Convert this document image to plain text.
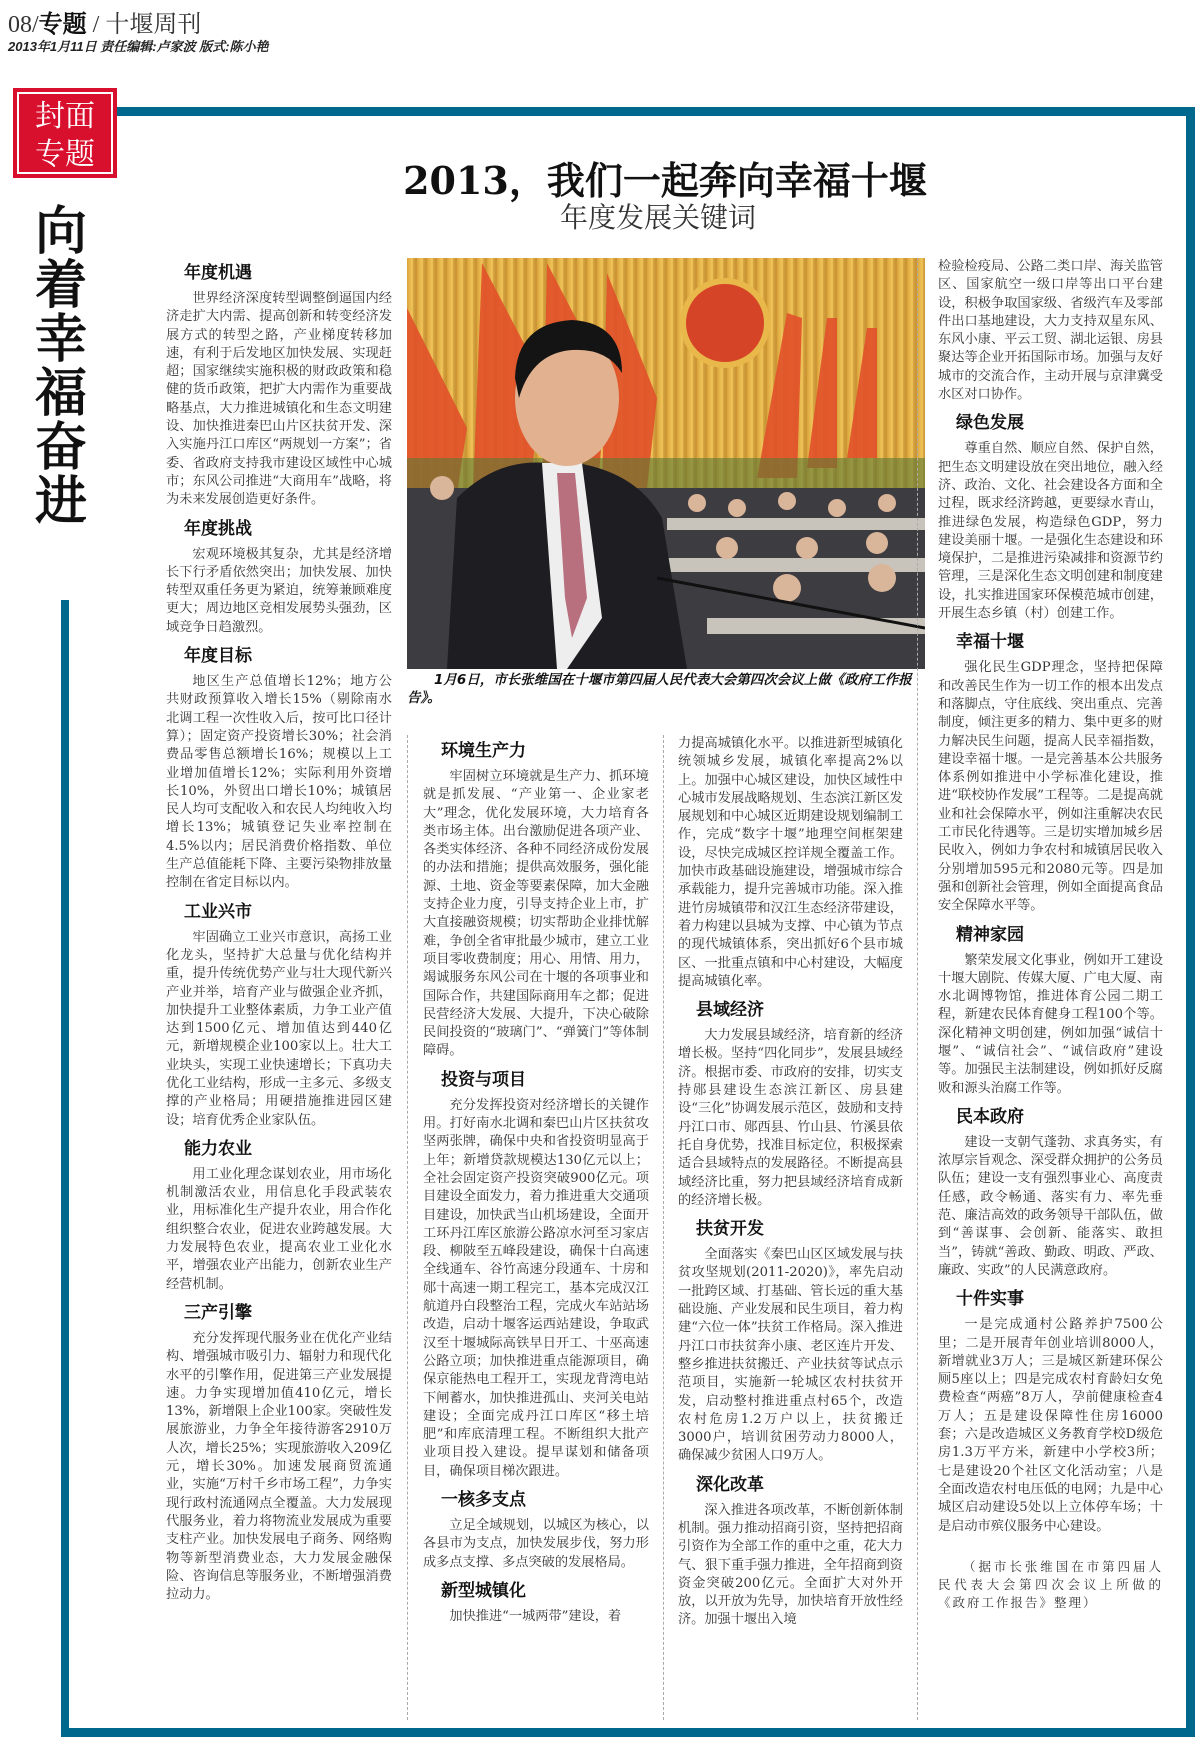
08/专题 / 十堰周刊
2013年1月11日 责任编辑:卢家波 版式:陈小艳
封面
专题
向着幸福奋进
2013，我们一起奔向幸福十堰
年度发展关键词
1月6日，市长张维国在十堰市第四届人民代表大会第四次会议上做《政府工作报告》。
年度机遇

世界经济深度转型调整倒逼国内经济走扩大内需、提高创新和转变经济发展方式的转型之路，产业梯度转移加速，有利于后发地区加快发展、实现赶超；国家继续实施积极的财政政策和稳健的货币政策，把扩大内需作为重要战略基点，大力推进城镇化和生态文明建设、加快推进秦巴山片区扶贫开发、深入实施丹江口库区“两规划一方案”；省委、省政府支持我市建设区域性中心城市；东风公司推进“大商用车”战略，将为未来发展创造更好条件。

年度挑战

宏观环境极其复杂，尤其是经济增长下行矛盾依然突出；加快发展、加快转型双重任务更为紧迫，统筹兼顾难度更大；周边地区竞相发展势头强劲，区域竞争日趋激烈。

年度目标

地区生产总值增长12%；地方公共财政预算收入增长15%（剔除南水北调工程一次性收入后，按可比口径计算）；固定资产投资增长30%；社会消费品零售总额增长16%；规模以上工业增加值增长12%；实际利用外资增长10%，外贸出口增长10%；城镇居民人均可支配收入和农民人均纯收入均增长13%；城镇登记失业率控制在4.5%以内；居民消费价格指数、单位生产总值能耗下降、主要污染物排放量控制在省定目标以内。

工业兴市

牢固确立工业兴市意识，高扬工业化龙头，坚持扩大总量与优化结构并重，提升传统优势产业与壮大现代新兴产业并举，培育产业与做强企业齐抓，加快提升工业整体素质，力争工业产值达到1500亿元、增加值达到440亿元，新增规模企业100家以上。壮大工业块头，实现工业快速增长；下真功夫优化工业结构，形成一主多元、多级支撑的产业格局；用硬措施推进园区建设；培育优秀企业家队伍。

能力农业

用工业化理念谋划农业，用市场化机制激活农业，用信息化手段武装农业，用标准化生产提升农业，用合作化组织整合农业，促进农业跨越发展。大力发展特色农业，提高农业工业化水平，增强农业产出能力，创新农业生产经营机制。

三产引擎

充分发挥现代服务业在优化产业结构、增强城市吸引力、辐射力和现代化水平的引擎作用，促进第三产业发展提速。力争实现增加值410亿元，增长13%，新增限上企业100家。突破性发展旅游业，力争全年接待游客2910万人次，增长25%；实现旅游收入209亿元，增长30%。加速发展商贸流通业，实施“万村千乡市场工程”，力争实现行政村流通网点全覆盖。大力发展现代服务业，着力将物流业发展成为重要支柱产业。加快发展电子商务、网络购物等新型消费业态，大力发展金融保险、咨询信息等服务业，不断增强消费拉动力。

环境生产力

牢固树立环境就是生产力、抓环境就是抓发展、“产业第一、企业家老大”理念，优化发展环境，大力培育各类市场主体。出台激励促进各项产业、各类实体经济、各种不同经济成份发展的办法和措施；提供高效服务，强化能源、土地、资金等要素保障，加大金融支持企业力度，引导支持企业上市，扩大直接融资规模；切实帮助企业排忧解难，争创全省审批最少城市，建立工业项目零收费制度；用心、用情、用力，竭诚服务东风公司在十堰的各项事业和国际合作，共建国际商用车之都；促进民营经济大发展、大提升，下决心破除民间投资的“玻璃门”、“弹簧门”等体制障碍。

投资与项目

充分发挥投资对经济增长的关键作用。打好南水北调和秦巴山片区扶贫攻坚两张牌，确保中央和省投资明显高于上年；新增贷款规模达130亿元以上；全社会固定资产投资突破900亿元。项目建设全面发力，着力推进重大交通项目建设，加快武当山机场建设，全面开工环丹江库区旅游公路凉水河至习家店段、柳陂至五峰段建设，确保十白高速全线通车、谷竹高速分段通车、十房和郧十高速一期工程完工，基本完成汉江航道丹白段整治工程，完成火车站站场改造，启动十堰客运西站建设，争取武汉至十堰城际高铁早日开工、十巫高速公路立项；加快推进重点能源项目，确保京能热电工程开工，实现龙背湾电站下闸蓄水，加快推进孤山、夹河关电站建设；全面完成丹江口库区“移土培肥”和库底清理工程。不断组织大批产业项目投入建设。提早谋划和储备项目，确保项目梯次跟进。

一核多支点

立足全域规划，以城区为核心，以各县市为支点，加快发展步伐，努力形成多点支撑、多点突破的发展格局。

新型城镇化

加快推进“一城两带”建设，着

力提高城镇化水平。以推进新型城镇化统领城乡发展，城镇化率提高2%以上。加强中心城区建设，加快区域性中心城市发展战略规划、生态滨江新区发展规划和中心城区近期建设规划编制工作，完成“数字十堰”地理空间框架建设，尽快完成城区控详规全覆盖工作。加快市政基础设施建设，增强城市综合承载能力，提升完善城市功能。深入推进竹房城镇带和汉江生态经济带建设，着力构建以县城为支撑、中心镇为节点的现代城镇体系，突出抓好6个县市城区、一批重点镇和中心村建设，大幅度提高城镇化率。

县域经济

大力发展县域经济，培育新的经济增长极。坚持“四化同步”，发展县域经济。根据市委、市政府的安排，切实支持郧县建设生态滨江新区、房县建设“三化”协调发展示范区，鼓励和支持丹江口市、郧西县、竹山县、竹溪县依托自身优势，找准目标定位，积极探索适合县域特点的发展路径。不断提高县域经济比重，努力把县域经济培育成新的经济增长极。

扶贫开发

全面落实《秦巴山区区域发展与扶贫攻坚规划(2011-2020)》，率先启动一批跨区域、打基础、管长远的重大基础设施、产业发展和民生项目，着力构建“六位一体”扶贫工作格局。深入推进丹江口市扶贫奔小康、老区连片开发、整乡推进扶贫搬迁、产业扶贫等试点示范项目，实施新一轮城区农村扶贫开发，启动整村推进重点村65个，改造农村危房1.2万户以上，扶贫搬迁3000户，培训贫困劳动力8000人，确保减少贫困人口9万人。

深化改革

深入推进各项改革，不断创新体制机制。强力推动招商引资，坚持把招商引资作为全部工作的重中之重，花大力气、狠下重手强力推进，全年招商到资资金突破200亿元。全面扩大对外开放，以开放为先导，加快培育开放性经济。加强十堰出入境

检验检疫局、公路二类口岸、海关监管区、国家航空一级口岸等出口平台建设，积极争取国家级、省级汽车及零部件出口基地建设，大力支持双星东风、东风小康、平云工贸、湖北运银、房县聚达等企业开拓国际市场。加强与友好城市的交流合作，主动开展与京津冀受水区对口协作。

绿色发展

尊重自然、顺应自然、保护自然，把生态文明建设放在突出地位，融入经济、政治、文化、社会建设各方面和全过程，既求经济跨越，更要绿水青山，推进绿色发展，构造绿色GDP，努力建设美丽十堰。一是强化生态建设和环境保护，二是推进污染减排和资源节约管理，三是深化生态文明创建和制度建设，扎实推进国家环保模范城市创建，开展生态乡镇（村）创建工作。

幸福十堰

强化民生GDP理念，坚持把保障和改善民生作为一切工作的根本出发点和落脚点，守住底线、突出重点、完善制度，倾注更多的精力、集中更多的财力解决民生问题，提高人民幸福指数，建设幸福十堰。一是完善基本公共服务体系例如推进中小学标准化建设，推进“联校协作发展”工程等。二是提高就业和社会保障水平，例如注重解决农民工市民化待遇等。三是切实增加城乡居民收入，例如力争农村和城镇居民收入分别增加595元和2080元等。四是加强和创新社会管理，例如全面提高食品安全保障水平等。

精神家园

繁荣发展文化事业，例如开工建设十堰大剧院、传媒大厦、广电大厦、南水北调博物馆，推进体育公园二期工程，新建农民体育健身工程100个等。深化精神文明创建，例如加强“诚信十堰”、“诚信社会”、“诚信政府”建设等。加强民主法制建设，例如抓好反腐败和源头治腐工作等。

民本政府

建设一支朝气蓬勃、求真务实，有浓厚宗旨观念、深受群众拥护的公务员队伍；建设一支有强烈事业心、高度责任感，政令畅通、落实有力、率先垂范、廉洁高效的政务领导干部队伍，做到“善谋事、会创新、能落实、敢担当”，铸就“善政、勤政、明政、严政、廉政、实政”的人民满意政府。

十件实事

一是完成通村公路养护7500公里；二是开展青年创业培训8000人，新增就业3万人；三是城区新建环保公厕5座以上；四是完成农村育龄妇女免费检查“两癌”8万人，孕前健康检查4万人；五是建设保障性住房16000套；六是改造城区义务教育学校D级危房1.3万平方米，新建中小学校3所；七是建设20个社区文化活动室；八是全面改造农村电压低的电网；九是中心城区启动建设5处以上立体停车场；十是启动市殡仪服务中心建设。

（据市长张维国在市第四届人民代表大会第四次会议上所做的《政府工作报告》整理）
